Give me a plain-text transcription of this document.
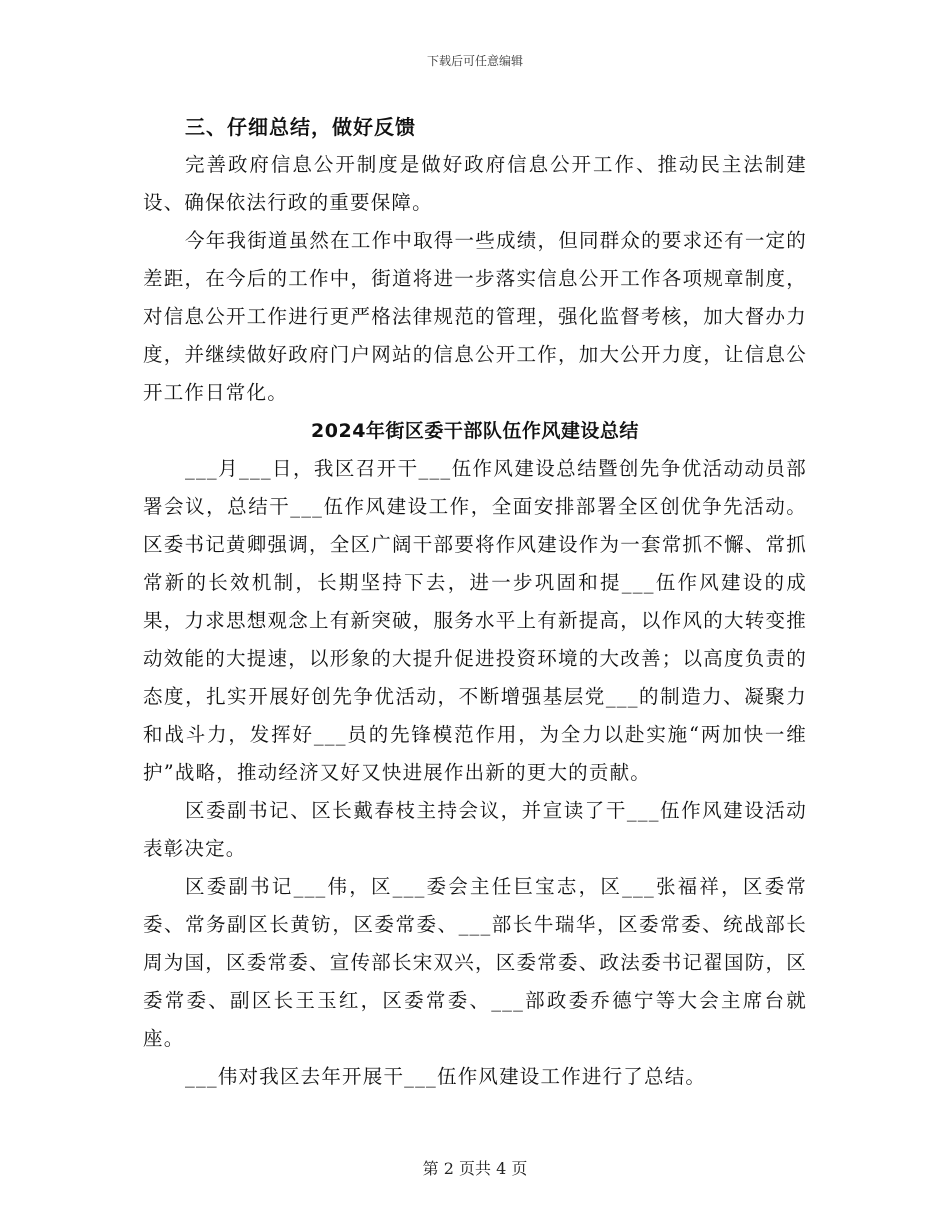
下载后可任意编辑
三、仔细总结，做好反馈

完善政府信息公开制度是做好政府信息公开工作、推动民主法制建设、确保依法行政的重要保障。

今年我街道虽然在工作中取得一些成绩，但同群众的要求还有一定的差距，在今后的工作中，街道将进一步落实信息公开工作各项规章制度，对信息公开工作进行更严格法律规范的管理，强化监督考核，加大督办力度，并继续做好政府门户网站的信息公开工作，加大公开力度，让信息公开工作日常化。

2024年街区委干部队伍作风建设总结

___月___日，我区召开干___伍作风建设总结暨创先争优活动动员部署会议，总结干___伍作风建设工作，全面安排部署全区创优争先活动。区委书记黄卿强调，全区广阔干部要将作风建设作为一套常抓不懈、常抓常新的长效机制，长期坚持下去，进一步巩固和提___伍作风建设的成果，力求思想观念上有新突破，服务水平上有新提高，以作风的大转变推动效能的大提速，以形象的大提升促进投资环境的大改善；以高度负责的态度，扎实开展好创先争优活动，不断增强基层党___的制造力、凝聚力和战斗力，发挥好___员的先锋模范作用，为全力以赴实施“两加快一维护”战略，推动经济又好又快进展作出新的更大的贡献。

区委副书记、区长戴春枝主持会议，并宣读了干___伍作风建设活动表彰决定。

区委副书记___伟，区___委会主任巨宝志，区___张福祥，区委常委、常务副区长黄钫，区委常委、___部长牛瑞华，区委常委、统战部长周为国，区委常委、宣传部长宋双兴，区委常委、政法委书记翟国防，区委常委、副区长王玉红，区委常委、___部政委乔德宁等大会主席台就座。

___伟对我区去年开展干___伍作风建设工作进行了总结。

第 2 页共 4 页
